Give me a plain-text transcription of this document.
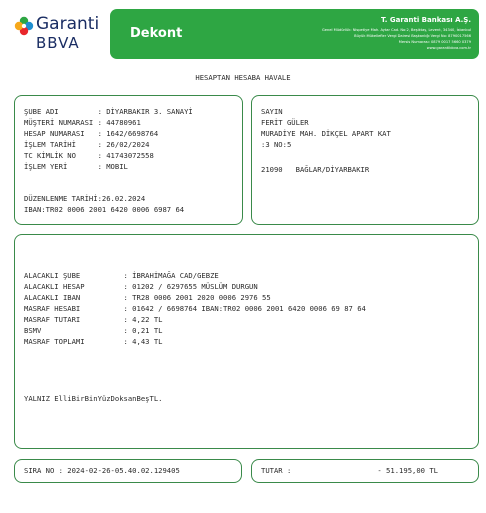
Garanti
BBVA
Dekont
T. Garanti Bankası A.Ş.
Genel Müdürlük: Nispetiye Mah. Aytar Cad. No:2, Beşiktaş, Levent, 34340, İstanbul
Büyük Mükellefler Vergi Dairesi Başkanlığı Vergi No: 8790017566
Mersis Numarası: 0879 0017 5660 0379
www.garantibbva.com.tr
HESAPTAN HESABA HAVALE
ŞUBE ADI         : DİYARBAKIR 3. SANAYİ
MÜŞTERİ NUMARASI : 44780961
HESAP NUMARASI   : 1642/6698764
İŞLEM TARİHİ     : 26/02/2024
TC KİMLİK NO     : 41743072558
İŞLEM YERİ       : MOBIL
DÜZENLENME TARİHİ:26.02.2024
IBAN:TR02 0006 2001 6420 0006 6987 64
SAYIN
FERİT GÜLER
MURADİYE MAH. DİKÇEL APART KAT
:3 NO:5
21090   BAĞLAR/DİYARBAKIR
ALACAKLI ŞUBE          : İBRAHİMAĞA CAD/GEBZE
ALACAKLI HESAP         : 01202 / 6297655 MÜSLÜM DURGUN
ALACAKLI IBAN          : TR28 0006 2001 2020 0006 2976 55
MASRAF HESABI          : 01642 / 6698764 IBAN:TR02 0006 2001 6420 0006 69 87 64
MASRAF TUTARI          : 4,22 TL
BSMV                   : 0,21 TL
MASRAF TOPLAMI         : 4,43 TL
YALNIZ ElliBirBinYüzDoksanBeşTL.
SIRA NO : 2024-02-26-05.40.02.129405	TUTAR :	- 51.195,00 TL
